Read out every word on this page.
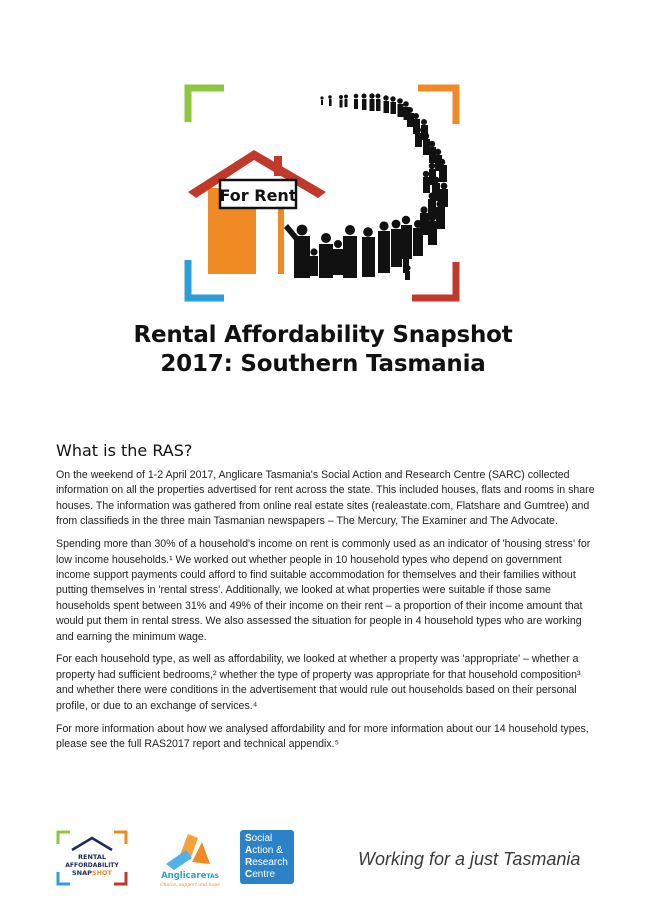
For Rent
Rental Affordability Snapshot
2017: Southern Tasmania
What is the RAS?

On the weekend of 1-2 April 2017, Anglicare Tasmania's Social Action and Research Centre (SARC) collected information on all the properties advertised for rent across the state. This included houses, flats and rooms in share houses. The information was gathered from online real estate sites (realeastate.com, Flatshare and Gumtree) and from classifieds in the three main Tasmanian newspapers – The Mercury, The Examiner and The Advocate.

Spending more than 30% of a household's income on rent is commonly used as an indicator of 'housing stress' for low income households.¹ We worked out whether people in 10 household types who depend on government income support payments could afford to find suitable accommodation for themselves and their families without putting themselves in 'rental stress'. Additionally, we looked at what properties were suitable if those same households spent between 31% and 49% of their income on their rent – a proportion of their income amount that would put them in rental stress. We also assessed the situation for people in 4 household types who are working and earning the minimum wage.

For each household type, as well as affordability, we looked at whether a property was 'appropriate' – whether a property had sufficient bedrooms,² whether the type of property was appropriate for that household composition³ and whether there were conditions in the advertisement that would rule out households based on their personal profile, or due to an exchange of services.⁴

For more information about how we analysed affordability and for more information about our 14 household types, please see the full RAS2017 report and technical appendix.⁵

RENTAL
AFFORDABILITY
SNAPSHOT	AnglicareTAS
Choice, support and hope
Social
Action &
Research
Centre
Working for a just Tasmania
